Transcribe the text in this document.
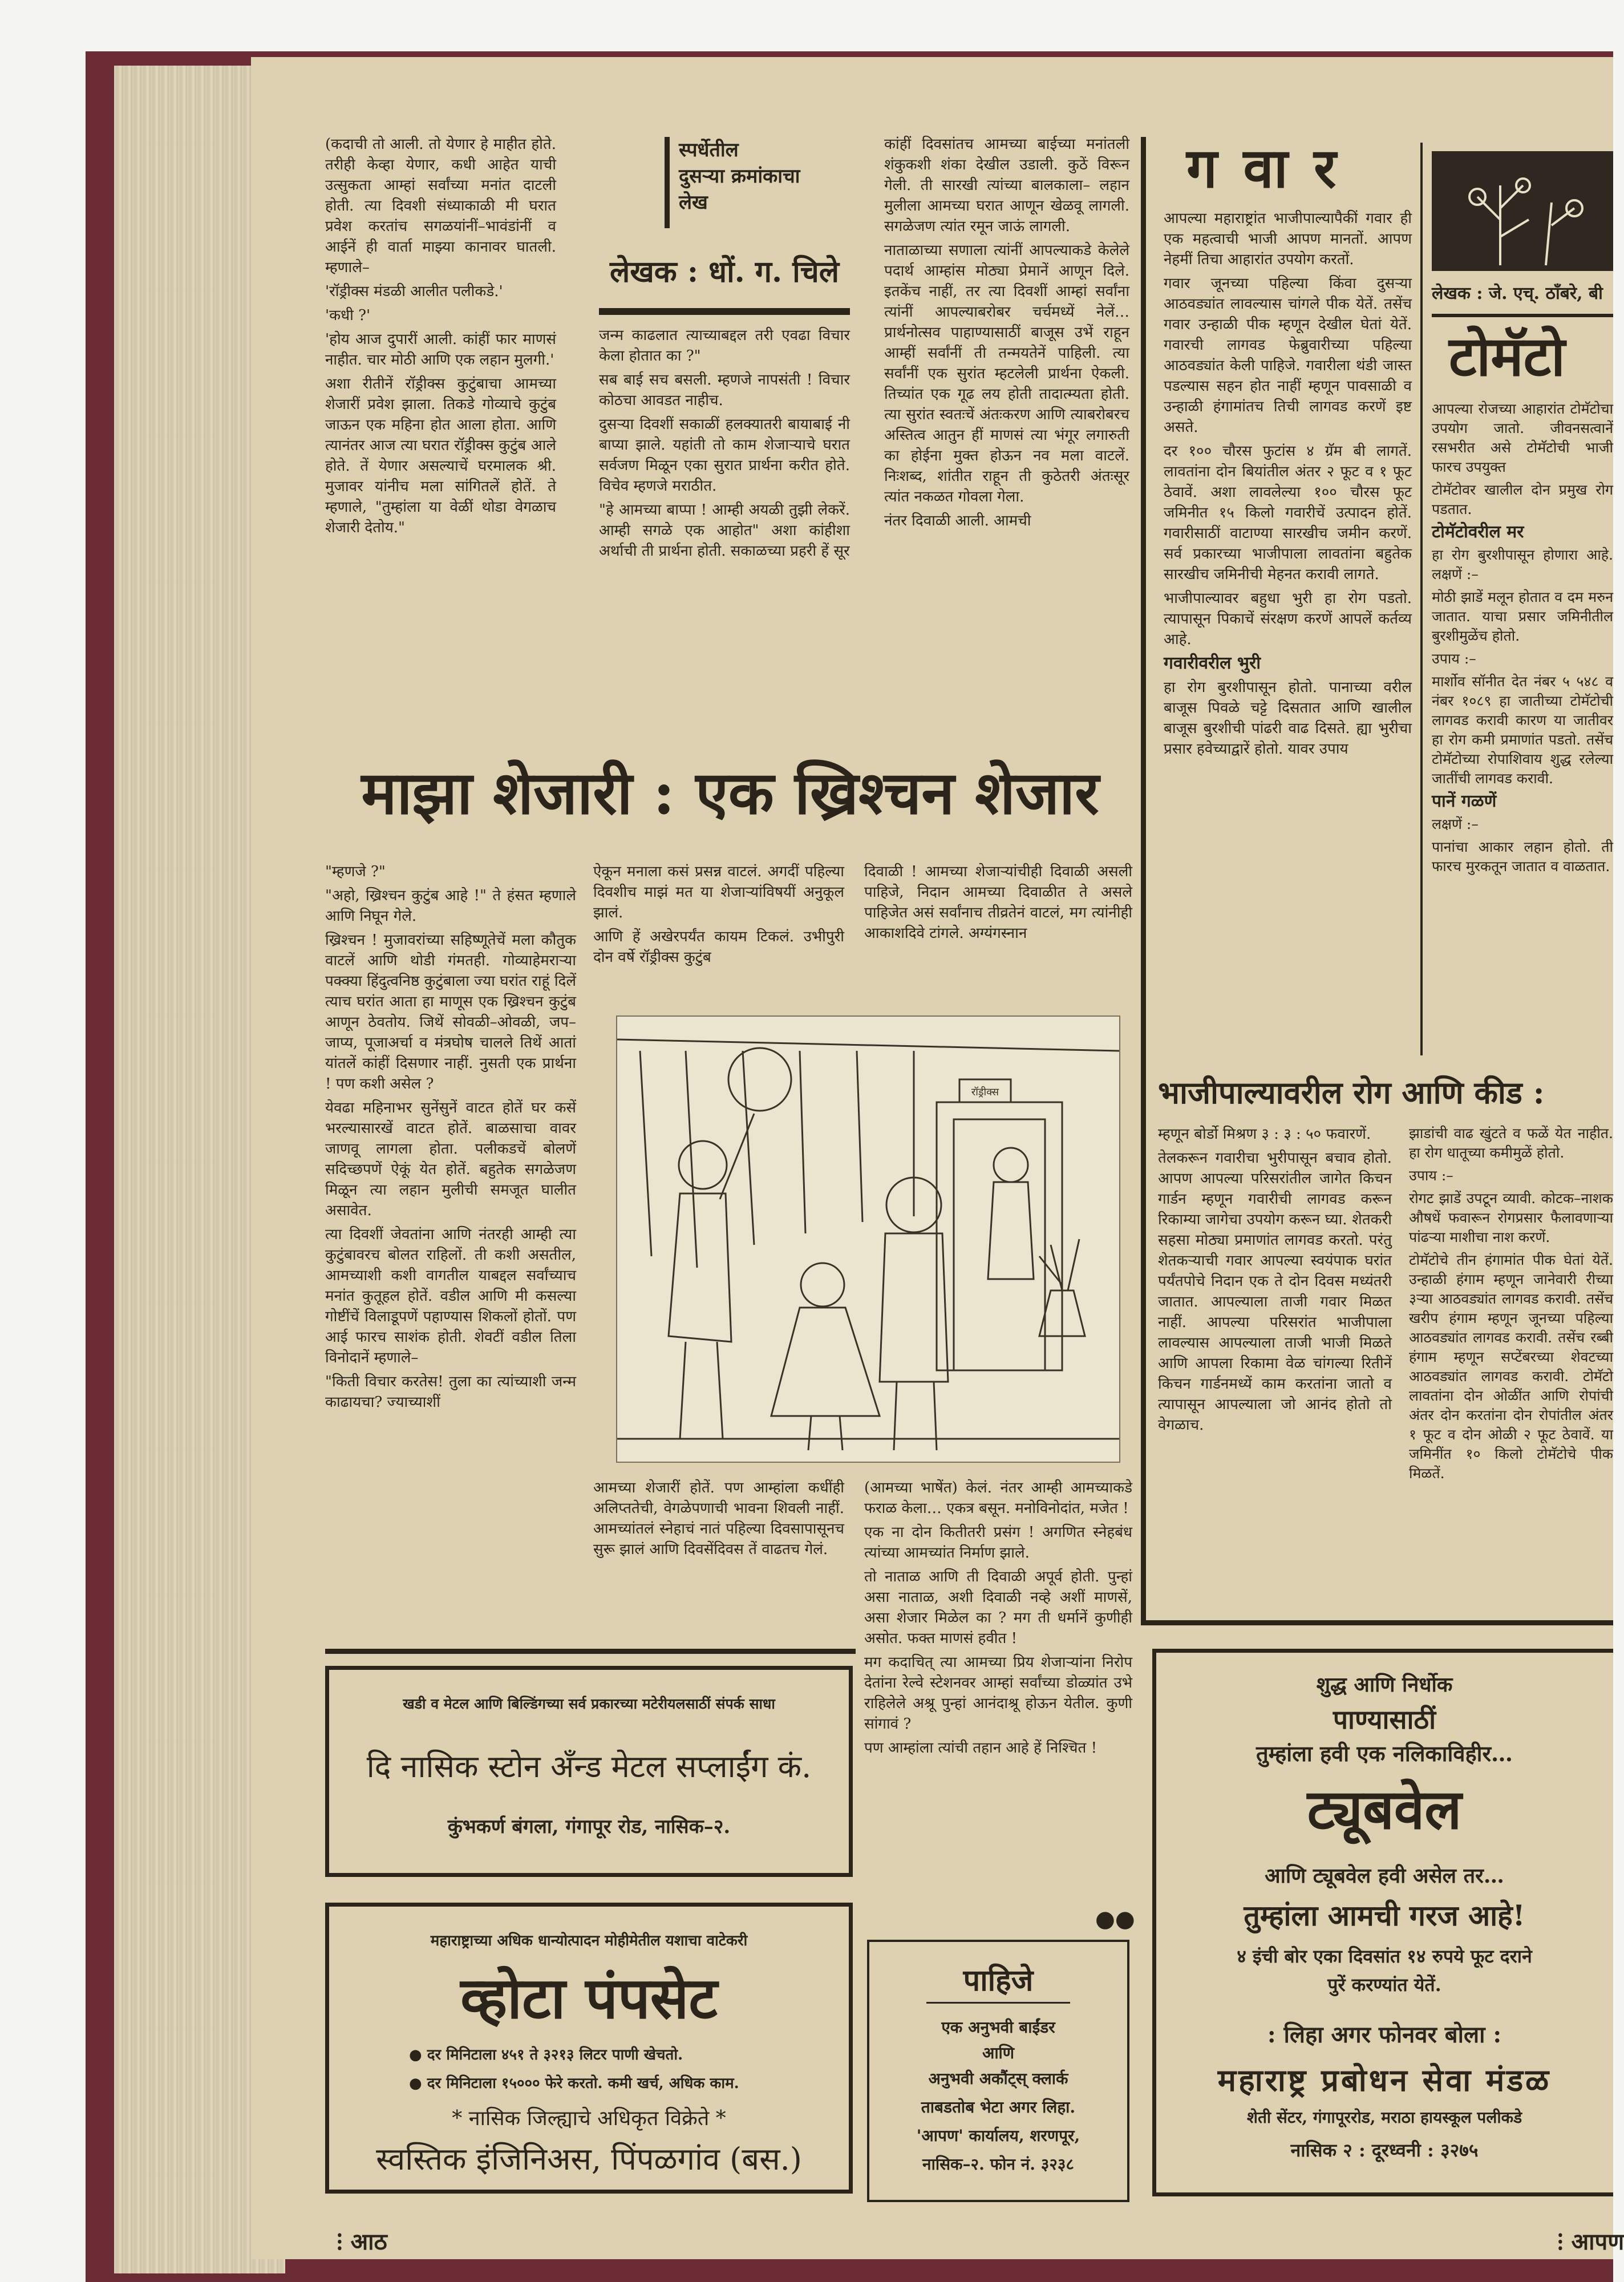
(कदाची तो आली. तो येणार हे माहीत होते. तरीही केव्हा येणार, कधी आहेत याची उत्सुकता आम्हां सर्वांच्या मनांत दाटली होती. त्या दिवशी संध्याकाळी मी घरात प्रवेश करतांच सगळयांनीं–भावंडांनीं व आईनें ही वार्ता माझ्या कानावर घातली. म्हणाले–

'रॉड्रीक्स मंडळी आलीत पलीकडे.'

'कधी ?'

'होय आज दुपारीं आली. कांहीं फार माणसं नाहीत. चार मोठी आणि एक लहान मुलगी.'

अशा रीतीनें रॉड्रीक्स कुटुंबाचा आमच्या शेजारीं प्रवेश झाला. तिकडे गोव्याचे कुटुंब जाऊन एक महिना होत आला होता. आणि त्यानंतर आज त्या घरात रॉड्रीक्स कुटुंब आले होते. तें येणार असल्याचें घरमालक श्री. मुजावर यांनीच मला सांगितलें होतें. ते म्हणाले, "तुम्हांला या वेळीं थोडा वेगळाच शेजारी देतोय."

स्पर्धेतील
दुसऱ्या क्रमांकाचा
लेख
लेखक : धों. ग. चिले

जन्म काढलात त्याच्याबद्दल तरी एवढा विचार केला होतात का ?"

सब बाई सच बसली. म्हणजे नापसंती ! विचार कोठचा आवडत नाहीच.

दुसऱ्या दिवशीं सकाळीं हलक्यातरी बायाबाई नी बाप्या झाले. यहांती तो काम शेजाऱ्याचे घरात सर्वजण मिळून एका सुरात प्रार्थना करीत होते. विचेव म्हणजे मराठीत.

"हे आमच्या बाप्पा ! आम्ही अयळी तुझी लेकरें. आम्ही सगळे एक आहोत" अशा कांहीशा अर्थाची ती प्रार्थना होती. सकाळच्या प्रहरी हें सूर

कांहीं दिवसांतच आमच्या बाईच्या मनांतली शंकुकशी शंका देखील उडाली. कुठें विरून गेली. ती सारखी त्यांच्या बालकाला– लहान मुलीला आमच्या घरात आणून खेळवू लागली. सगळेजण त्यांत रमून जाऊं लागली.

नाताळाच्या सणाला त्यांनीं आपल्याकडे केलेले पदार्थ आम्हांस मोठ्या प्रेमानें आणून दिले. इतकेंच नाहीं, तर त्या दिवशीं आम्हां सर्वांना त्यांनीं आपल्याबरोबर चर्चमध्यें नेलें… प्रार्थनोत्सव पाहाण्यासाठीं बाजूस उभें राहून आम्हीं सर्वांनीं ती तन्मयतेनें पाहिली. त्या सर्वांनीं एक सुरांत म्हटलेली प्रार्थना ऐकली. तिच्यांत एक गूढ लय होती तादात्म्यता होती. त्या सुरांत स्वतःचें अंतःकरण आणि त्याबरोबरच अस्तित्व आतुन हीं माणसं त्या भंगूर लगारुती का होईना मुक्त होऊन नव मला वाटलें. निःशब्द, शांतीत राहून ती कुठेतरी अंतःसूर त्यांत नकळत गोवला गेला.

नंतर दिवाळी आली. आमची

माझा शेजारी : एक ख्रिश्चन शेजार

"म्हणजे ?"

"अहो, ख्रिश्चन कुटुंब आहे !" ते हंसत म्हणाले आणि निघून गेले.

ख्रिश्चन ! मुजावरांच्या सहिष्णूतेचें मला कौतुक वाटलें आणि थोडी गंमतही. गोव्याहेमराऱ्या पक्क्या हिंदुत्वनिष्ठ कुटुंबाला ज्या घरांत राहूं दिलें त्याच घरांत आता हा माणूस एक ख्रिश्चन कुटुंब आणून ठेवतोय. जिथें सोवळी–ओवळी, जप–जाप्य, पूजाअर्चा व मंत्रघोष चालले तिथें आतां यांतलें कांहीं दिसणार नाहीं. नुसती एक प्रार्थना ! पण कशी असेल ?

येवढा महिनाभर सुनेंसुनें वाटत होतें घर कसें भरल्यासारखें वाटत होतें. बाळसाचा वावर जाणवू लागला होता. पलीकडचें बोलणें सदिच्छपणें ऐकूं येत होतें. बहुतेक सगळेजण मिळून त्या लहान मुलीची समजूत घालीत असावेत.

त्या दिवशीं जेवतांना आणि नंतरही आम्ही त्या कुटुंबावरच बोलत राहिलों. ती कशी असतील, आमच्याशी कशी वागतील याबद्दल सर्वांच्याच मनांत कुतूहल होतें. वडील आणि मी कसल्या गोष्टींचें विलाडूपणें पहाण्यास शिकलों होतों. पण आई फारच साशंक होती. शेवटीं वडील तिला विनोदानें म्हणाले–

"किती विचार करतेस! तुला का त्यांच्याशी जन्म काढायचा? ज्याच्याशीं

ऐकून मनाला कसं प्रसन्न वाटलं. अगदीं पहिल्या दिवशीच माझं मत या शेजाऱ्यांविषयीं अनुकूल झालं.

आणि हें अखेरपर्यंत कायम टिकलं. उभीपुरी दोन वर्षे रॉड्रीक्स कुटुंब

दिवाळी ! आमच्या शेजाऱ्यांचीही दिवाळी असली पाहिजे, निदान आमच्या दिवाळीत ते असले पाहिजेत असं सर्वांनाच तीव्रतेनं वाटलं, मग त्यांनीही आकाशदिवे टांगले. अग्यंगस्नान

रॉड्रीक्स

आमच्या शेजारीं होतें. पण आम्हांला कधींही अलिप्ततेची, वेगळेपणाची भावना शिवली नाहीं. आमच्यांतलं स्नेहाचं नातं पहिल्या दिवसापासूनच सुरू झालं आणि दिवसेंदिवस तें वाढतच गेलं.

(आमच्या भाषेंत) केलं. नंतर आम्ही आमच्याकडे फराळ केला… एकत्र बसून. मनोविनोदांत, मजेत !

एक ना दोन कितीतरी प्रसंग ! अगणित स्नेहबंध त्यांच्या आमच्यांत निर्माण झाले.

तो नाताळ आणि ती दिवाळी अपूर्व होती. पुन्हां असा नाताळ, अशी दिवाळी नव्हे अशीं माणसें, असा शेजार मिळेल का ? मग ती धर्मानें कुणीही असोत. फक्त माणसं हवीत !

मग कदाचित् त्या आमच्या प्रिय शेजाऱ्यांना निरोप देतांना रेल्वे स्टेशनवर आम्हां सर्वांच्या डोळ्यांत उभे राहिलेले अश्रू पुन्हां आनंदाश्रू होऊन येतील. कुणी सांगावं ?

पण आम्हांला त्यांची तहान आहे हें निश्चित !

●●
ग वा र

आपल्या महाराष्ट्रांत भाजीपाल्यापैकीं गवार ही एक महत्वाची भाजी आपण मानतों. आपण नेहमीं तिचा आहारांत उपयोग करतों.

गवार जूनच्या पहिल्या किंवा दुसऱ्या आठवड्यांत लावल्यास चांगले पीक येतें. तसेंच गवार उन्हाळी पीक म्हणून देखील घेतां येतें. गवारची लागवड फेब्रुवारीच्या पहिल्या आठवड्यांत केली पाहिजे. गवारीला थंडी जास्त पडल्यास सहन होत नाहीं म्हणून पावसाळी व उन्हाळी हंगामांतच तिची लागवड करणें इष्ट असते.

दर १०० चौरस फुटांस ४ ग्रॅम बी लागतें. लावतांना दोन बियांतील अंतर २ फूट व १ फूट ठेवावें. अशा लावलेल्या १०० चौरस फूट जमिनीत १५ किलो गवारीचें उत्पादन होतें. गवारीसाठीं वाटाण्या सारखीच जमीन करणें. सर्व प्रकारच्या भाजीपाला लावतांना बहुतेक सारखीच जमिनीची मेहनत करावी लागते.

भाजीपाल्यावर बहुधा भुरी हा रोग पडतो. त्यापासून पिकाचें संरक्षण करणें आपलें कर्तव्य आहे.

गवारीवरील भुरी

हा रोग बुरशीपासून होतो. पानाच्या वरील बाजूस पिवळे चट्टे दिसतात आणि खालील बाजूस बुरशीची पांढरी वाढ दिसते. ह्या भुरीचा प्रसार हवेच्याद्वारें होतो. यावर उपाय

लेखक : जे. एच्. ठॉंबरे, बी
टोमॅटो

आपल्या रोजच्या आहारांत टोमॅटोचा उपयोग जातो. जीवनसत्वानें रसभरीत असे टोमॅटोची भाजी फारच उपयुक्त

टोमॅटोवर खालील दोन प्रमुख रोग पडतात.

टोमॅटोवरील मर

हा रोग बुरशीपासून होणारा आहे. लक्षणें :–

मोठी झाडें मलून होतात व दम मरुन जातात. याचा प्रसार जमिनीतील बुरशीमुळेंच होतो.

उपाय :–

मार्शोव सॉनीत देत नंबर ५ ५४८ व नंबर १०८९ हा जातीच्या टोमॅटोची लागवड करावी कारण या जातीवर हा रोग कमी प्रमाणांत पडतो. तसेंच टोमॅटोच्या रोपाशिवाय शुद्ध रलेल्या जातींची लागवड करावी.

पानें गळणें

लक्षणें :–

पानांचा आकार लहान होतो. ती फारच मुरकतून जातात व वाळतात.

भाजीपाल्यावरील रोग आणि कीड :

म्हणून बोर्डो मिश्रण ३ : ३ : ५० फवारणें.

तेलकरून गवारीचा भुरीपासून बचाव होतो. आपण आपल्या परिसरांतील जागेत किचन गार्डन म्हणून गवारीची लागवड करून रिकाम्या जागेचा उपयोग करून घ्या. शेतकरी सहसा मोठ्या प्रमाणांत लागवड करतो. परंतु शेतकऱ्याची गवार आपल्या स्वयंपाक घरांत पर्यंतपोचे निदान एक ते दोन दिवस मध्यंतरी जातात. आपल्याला ताजी गवार मिळत नाहीं. आपल्या परिसरांत भाजीपाला लावल्यास आपल्याला ताजी भाजी मिळते आणि आपला रिकामा वेळ चांगल्या रितीनें किचन गार्डनमध्यें काम करतांना जातो व त्यापासून आपल्याला जो आनंद होतो तो वेगळाच.

झाडांची वाढ खुंटते व फळें येत नाहीत. हा रोग धातूच्या कमीमुळें होतो.

उपाय :–

रोगट झाडें उपटून व्यावी. कोटक–नाशक औषधें फवारून रोगप्रसार फैलावणाऱ्या पांढऱ्या माशीचा नाश करणें.

टोमॅटोचे तीन हंगामांत पीक घेतां येतें. उन्हाळी हंगाम म्हणून जानेवारी रीच्या ३ऱ्या आठवड्यांत लागवड करावी. तसेंच खरीप हंगाम म्हणून जूनच्या पहिल्या आठवड्यांत लागवड करावी. तसेंच रब्बी हंगाम म्हणून सप्टेंबरच्या शेवटच्या आठवड्यांत लागवड करावी. टोमॅटो लावतांना दोन ओळींत आणि रोपांची अंतर दोन करतांना दोन रोपांतील अंतर १ फूट व दोन ओळी २ फूट ठेवावें. या जमिनींत १० किलो टोमॅटोचे पीक मिळतें.

खडी व मेटल आणि बिल्डिंगच्या सर्व प्रकारच्या मटेरीयलसाठीं संपर्क साधा
दि नासिक स्टोन अँन्ड मेटल सप्लाईंग कं.
कुंभकर्ण बंगला, गंगापूर रोड, नासिक–२.
महाराष्ट्राच्या अधिक धान्योत्पादन मोहीमेतील यशाचा वाटेकरी
व्होटा पंपसेट
● दर मिनिटाला ४५१ ते ३२१३ लिटर पाणी खेचतो.
● दर मिनिटाला १५००० फेरे करतो. कमी खर्च, अधिक काम.
* नासिक जिल्ह्याचे अधिकृत विक्रेते *
स्वस्तिक इंजिनिअस, पिंपळगांव (बस.)
पाहिजे
एक अनुभवी बाईंडर
आणि
अनुभवी अकौंट्स् क्लार्क
ताबडतोब भेटा अगर लिहा.
'आपण' कार्यालय, शरणपूर,
नासिक–२. फोन नं. ३२३८
शुद्ध आणि निर्धोक
पाण्यासाठीं
तुम्हांला हवी एक नलिकाविहीर…
ट्यूबवेल
आणि ट्यूबवेल हवी असेल तर…
तुम्हांला आमची गरज आहे!
४ इंची बोर एका दिवसांत १४ रुपये फूट दराने
पुरें करण्यांत येतें.
: लिहा अगर फोनवर बोला :
महाराष्ट्र प्रबोधन सेवा मंडळ
शेती सेंटर, गंगापूररोड, मराठा हायस्कूल पलीकडे
नासिक २ : दूरध्वनी : ३२७५
⁝ आठ	⁝ आपण
